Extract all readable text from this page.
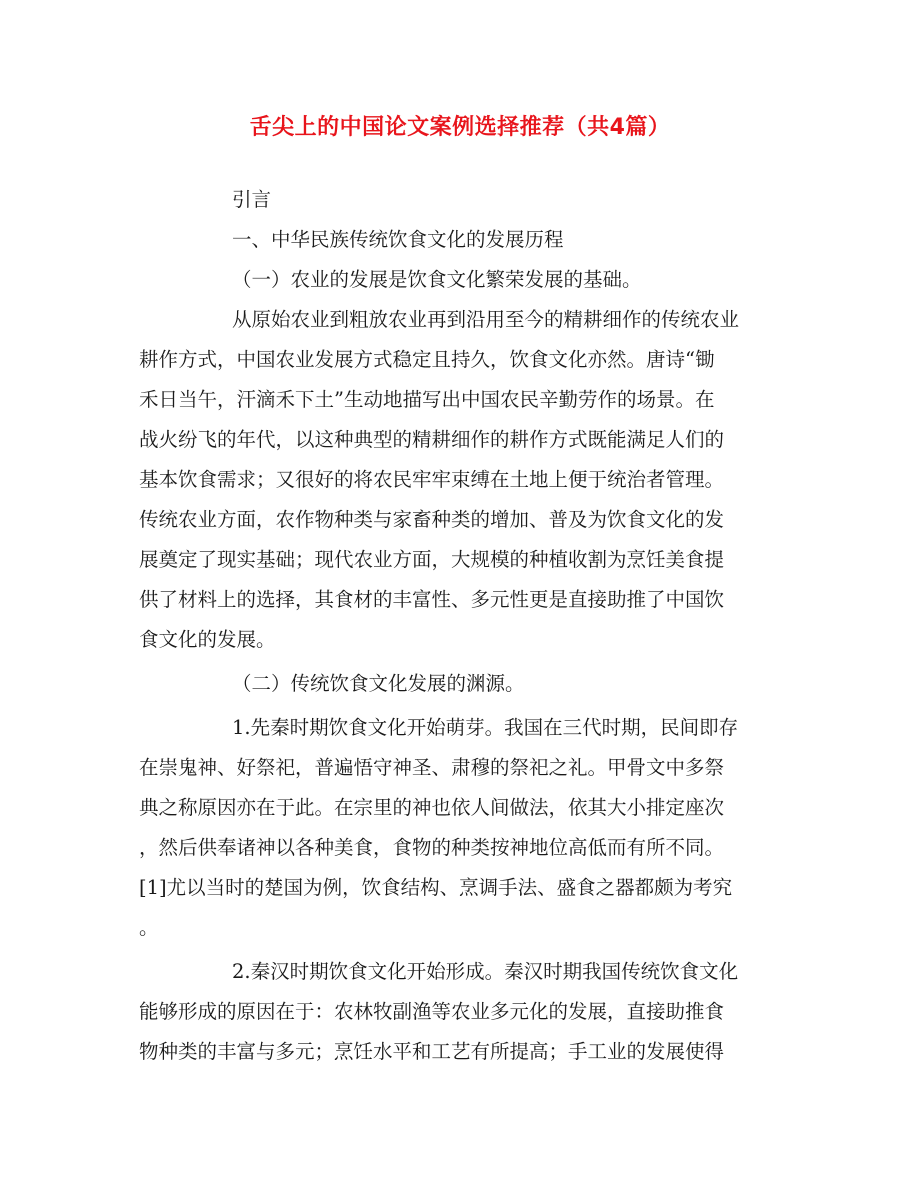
舌尖上的中国论文案例选择推荐（共4篇）
引言
一、中华民族传统饮食文化的发展历程
（一）农业的发展是饮食文化繁荣发展的基础。
从原始农业到粗放农业再到沿用至今的精耕细作的传统农业
耕作方式，中国农业发展方式稳定且持久，饮食文化亦然。唐诗“锄
禾日当午，汗滴禾下土”生动地描写出中国农民辛勤劳作的场景。在
战火纷飞的年代，以这种典型的精耕细作的耕作方式既能满足人们的
基本饮食需求；又很好的将农民牢牢束缚在土地上便于统治者管理。
传统农业方面，农作物种类与家畜种类的增加、普及为饮食文化的发
展奠定了现实基础；现代农业方面，大规模的种植收割为烹饪美食提
供了材料上的选择，其食材的丰富性、多元性更是直接助推了中国饮
食文化的发展。
（二）传统饮食文化发展的渊源。
1.先秦时期饮食文化开始萌芽。我国在三代时期，民间即存
在崇鬼神、好祭祀，普遍悟守神圣、肃穆的祭祀之礼。甲骨文中多祭
典之称原因亦在于此。在宗里的神也依人间做法，依其大小排定座次
，然后供奉诸神以各种美食，食物的种类按神地位高低而有所不同。
[1]尤以当时的楚国为例，饮食结构、烹调手法、盛食之器都颇为考究
。
2.秦汉时期饮食文化开始形成。秦汉时期我国传统饮食文化
能够形成的原因在于：农林牧副渔等农业多元化的发展，直接助推食
物种类的丰富与多元；烹饪水平和工艺有所提高；手工业的发展使得
